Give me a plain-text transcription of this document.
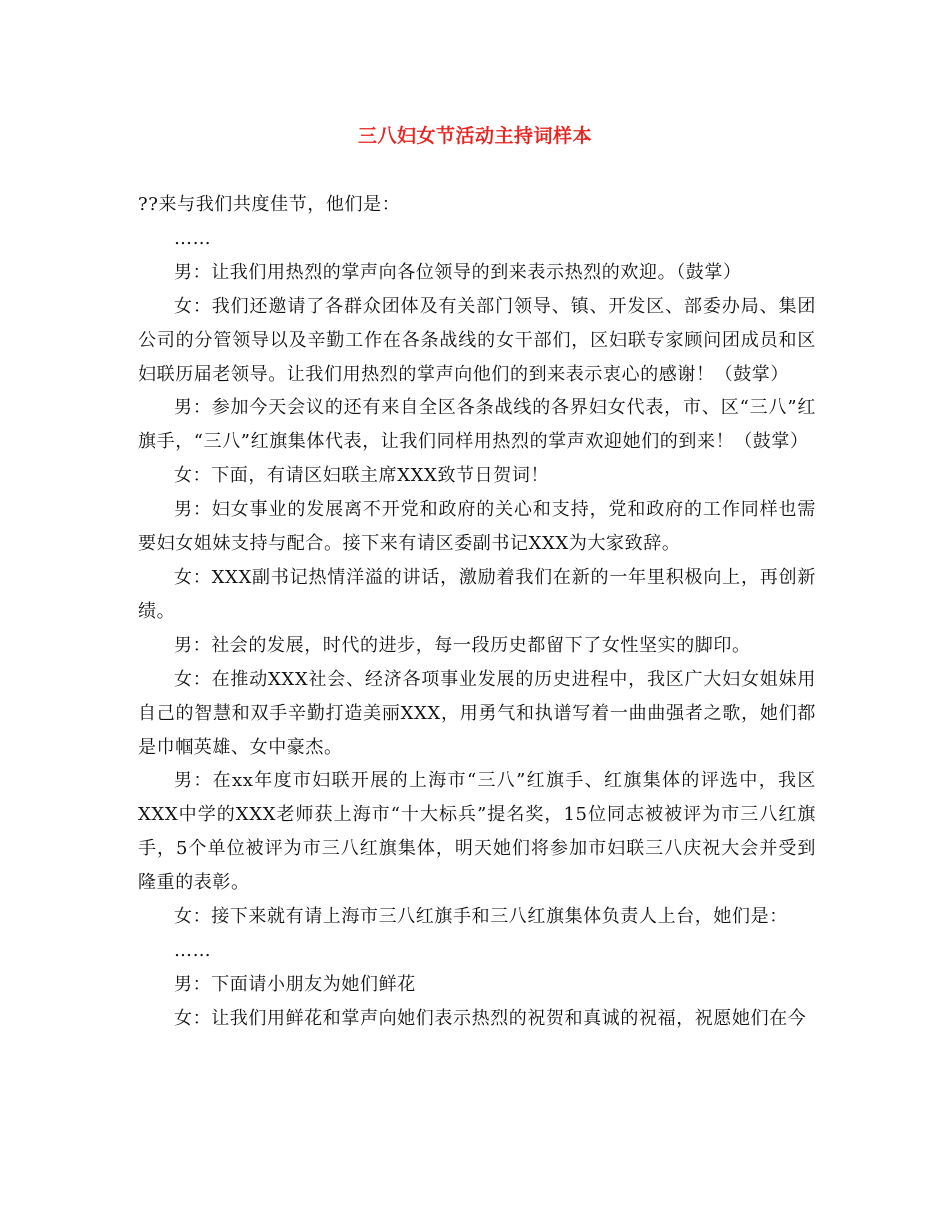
三八妇女节活动主持词样本

??来与我们共度佳节，他们是：

……

男：让我们用热烈的掌声向各位领导的到来表示热烈的欢迎。（鼓掌）

女：我们还邀请了各群众团体及有关部门领导、镇、开发区、部委办局、集团公司的分管领导以及辛勤工作在各条战线的女干部们，区妇联专家顾问团成员和区妇联历届老领导。让我们用热烈的掌声向他们的到来表示衷心的感谢！（鼓掌）

男：参加今天会议的还有来自全区各条战线的各界妇女代表，市、区“三八”红旗手，“三八”红旗集体代表，让我们同样用热烈的掌声欢迎她们的到来！（鼓掌）

女：下面，有请区妇联主席XXX致节日贺词！

男：妇女事业的发展离不开党和政府的关心和支持，党和政府的工作同样也需要妇女姐妹支持与配合。接下来有请区委副书记XXX为大家致辞。

女：XXX副书记热情洋溢的讲话，激励着我们在新的一年里积极向上，再创新绩。

男：社会的发展，时代的进步，每一段历史都留下了女性坚实的脚印。

女：在推动XXX社会、经济各项事业发展的历史进程中，我区广大妇女姐妹用自己的智慧和双手辛勤打造美丽XXX，用勇气和执谱写着一曲曲强者之歌，她们都是巾帼英雄、女中豪杰。

男：在xx年度市妇联开展的上海市“三八”红旗手、红旗集体的评选中，我区XXX中学的XXX老师获上海市“十大标兵”提名奖，15位同志被被评为市三八红旗手，5个单位被评为市三八红旗集体，明天她们将参加市妇联三八庆祝大会并受到隆重的表彰。

女：接下来就有请上海市三八红旗手和三八红旗集体负责人上台，她们是：

……

男：下面请小朋友为她们鲜花

女：让我们用鲜花和掌声向她们表示热烈的祝贺和真诚的祝福，祝愿她们在今
